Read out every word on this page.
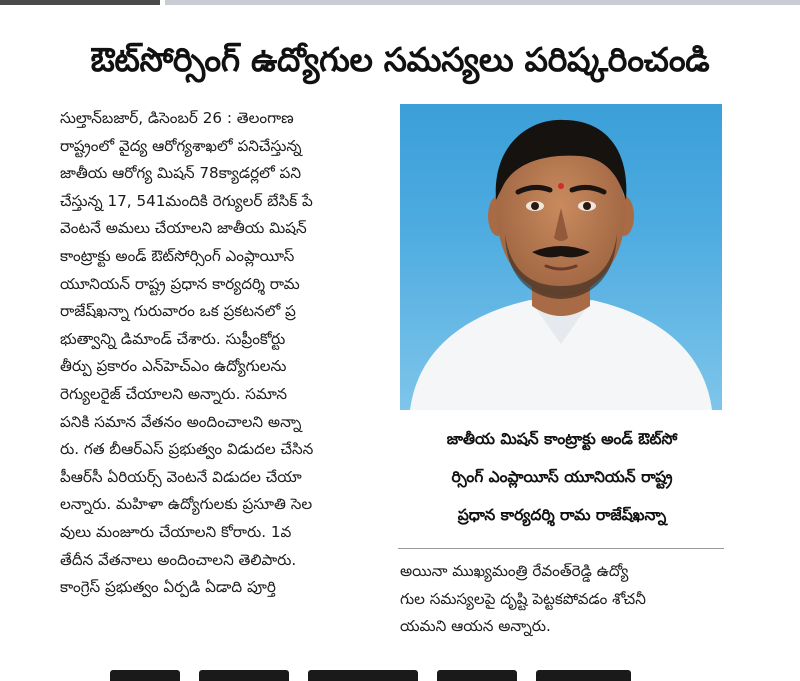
ఔట్‌సోర్సింగ్ ఉద్యోగుల సమస్యలు పరిష్కరించండి
సుల్తాన్‌బజార్, డిసెంబర్ 26 : తెలంగాణ
రాష్ట్రంలో వైద్య ఆరోగ్యశాఖలో పనిచేస్తున్న
జాతీయ ఆరోగ్య మిషన్ 78క్యాడర్లలో పని
చేస్తున్న 17, 541మందికి రెగ్యులర్ బేసిక్ పే
వెంటనే అమలు చేయాలని జాతీయ మిషన్
కాంట్రాక్టు అండ్ ఔట్‌సోర్సింగ్ ఎంప్లాయీస్
యూనియన్ రాష్ట్ర ప్రధాన కార్యదర్శి రామ
రాజేష్‌ఖన్నా గురువారం ఒక ప్రకటనలో ప్ర
భుత్వాన్ని డిమాండ్ చేశారు. సుప్రీంకోర్టు
తీర్పు ప్రకారం ఎన్‌హెచ్‌ఎం ఉద్యోగులను
రెగ్యులరైజ్ చేయాలని అన్నారు. సమాన
పనికి సమాన వేతనం అందించాలని అన్నా
రు. గత బీఆర్‌ఎస్ ప్రభుత్వం విడుదల చేసిన
పీఆర్‌సీ ఏరియర్స్ వెంటనే విడుదల చేయా
లన్నారు. మహిళా ఉద్యోగులకు ప్రసూతి సెల
వులు మంజూరు చేయాలని కోరారు. 1వ
తేదీన వేతనాలు అందించాలని తెలిపారు.
కాంగ్రెస్ ప్రభుత్వం ఏర్పడి ఏడాది పూర్తి
జాతీయ మిషన్ కాంట్రాక్టు అండ్ ఔట్‌సో
ర్సింగ్ ఎంప్లాయీస్ యూనియన్ రాష్ట్ర
ప్రధాన కార్యదర్శి రామ రాజేష్‌ఖన్నా
అయినా ముఖ్యమంత్రి రేవంత్‌రెడ్డి ఉద్యో
గుల సమస్యలపై దృష్టి పెట్టకపోవడం శోచనీ
యమని ఆయన అన్నారు.
